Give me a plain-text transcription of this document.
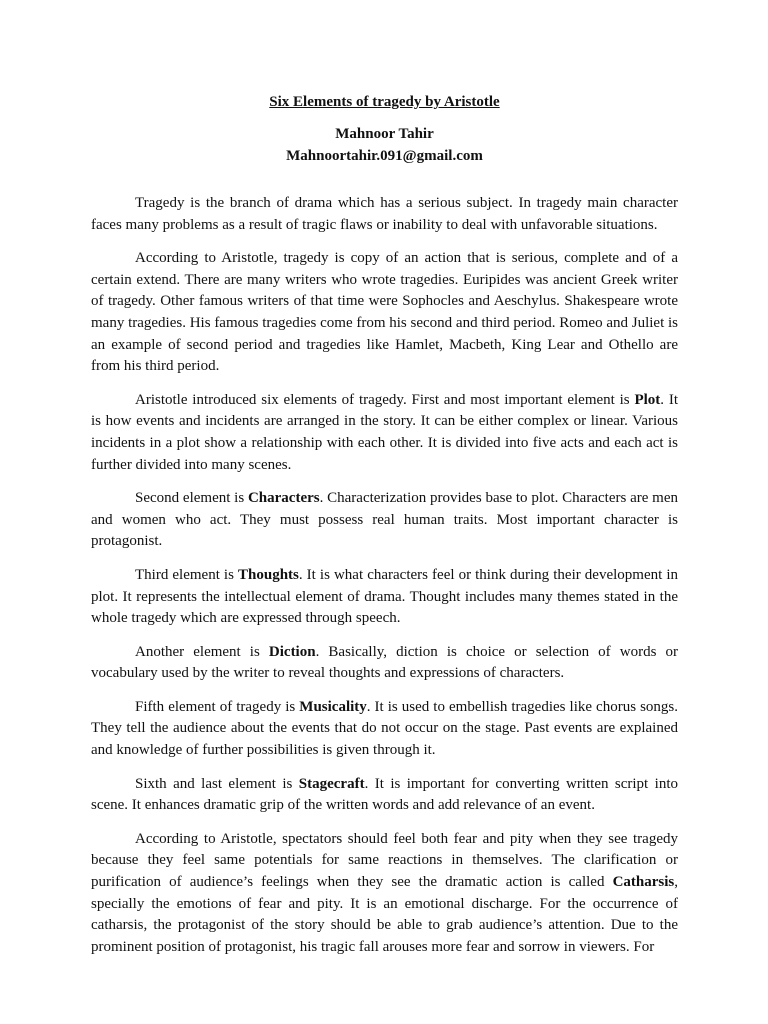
Six Elements of tragedy by Aristotle

Mahnoor Tahir

Mahnoortahir.091@gmail.com

Tragedy is the branch of drama which has a serious subject. In tragedy main character faces many problems as a result of tragic flaws or inability to deal with unfavorable situations.

According to Aristotle, tragedy is copy of an action that is serious, complete and of a certain extend. There are many writers who wrote tragedies. Euripides was ancient Greek writer of tragedy. Other famous writers of that time were Sophocles and Aeschylus. Shakespeare wrote many tragedies. His famous tragedies come from his second and third period. Romeo and Juliet is an example of second period and tragedies like Hamlet, Macbeth, King Lear and Othello are from his third period.

Aristotle introduced six elements of tragedy. First and most important element is Plot. It is how events and incidents are arranged in the story. It can be either complex or linear. Various incidents in a plot show a relationship with each other. It is divided into five acts and each act is further divided into many scenes.

Second element is Characters. Characterization provides base to plot. Characters are men and women who act. They must possess real human traits. Most important character is protagonist.

Third element is Thoughts. It is what characters feel or think during their development in plot. It represents the intellectual element of drama. Thought includes many themes stated in the whole tragedy which are expressed through speech.

Another element is Diction. Basically, diction is choice or selection of words or vocabulary used by the writer to reveal thoughts and expressions of characters.

Fifth element of tragedy is Musicality. It is used to embellish tragedies like chorus songs. They tell the audience about the events that do not occur on the stage. Past events are explained and knowledge of further possibilities is given through it.

Sixth and last element is Stagecraft. It is important for converting written script into scene. It enhances dramatic grip of the written words and add relevance of an event.

According to Aristotle, spectators should feel both fear and pity when they see tragedy because they feel same potentials for same reactions in themselves. The clarification or purification of audience’s feelings when they see the dramatic action is called Catharsis, specially the emotions of fear and pity. It is an emotional discharge. For the occurrence of catharsis, the protagonist of the story should be able to grab audience’s attention. Due to the prominent position of protagonist, his tragic fall arouses more fear and sorrow in viewers. For
